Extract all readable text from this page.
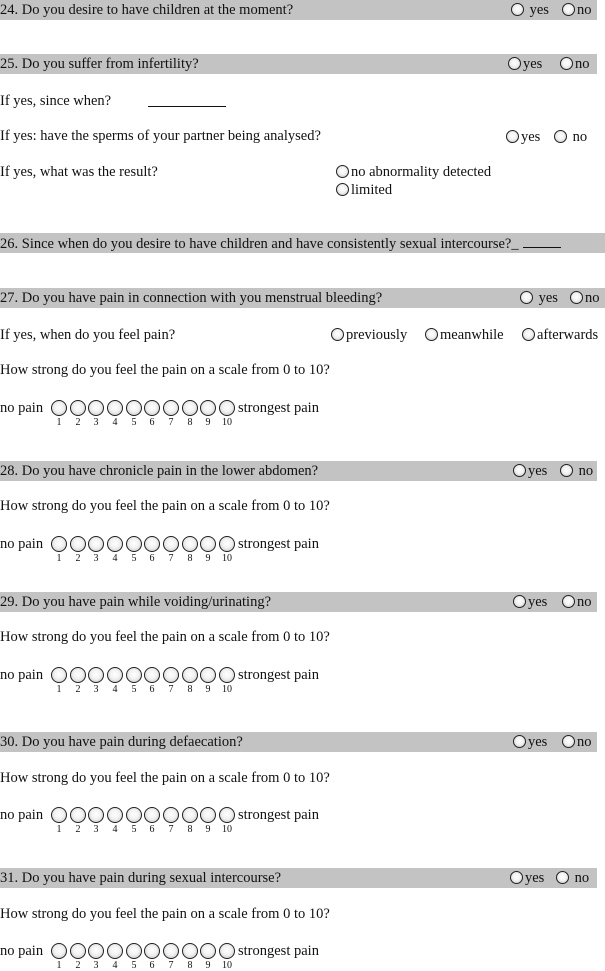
24. Do you desire to have children at the moment?	yes	no
25. Do you suffer from infertility?	yes	no
If yes, since when?
If yes: have the sperms of your partner being analysed?	yes	no
If yes, what was the result?	no abnormality detected
limited
26. Since when do you desire to have children and have consistently sexual intercourse?_
27. Do you have pain in connection with you menstrual bleeding?	yes	no
If yes, when do you feel pain?	previously	meanwhile	afterwards
How strong do you feel the pain on a scale from 0 to 10?
no pain
1	2	3	4	5	6	7	8	9	10
strongest pain
28. Do you have chronicle pain in the lower abdomen?	yes	no
How strong do you feel the pain on a scale from 0 to 10?
no pain
1	2	3	4	5	6	7	8	9	10
strongest pain
29. Do you have pain while voiding/urinating?	yes	no
How strong do you feel the pain on a scale from 0 to 10?
no pain
1	2	3	4	5	6	7	8	9	10
strongest pain
30. Do you have pain during defaecation?	yes	no
How strong do you feel the pain on a scale from 0 to 10?
no pain
1	2	3	4	5	6	7	8	9	10
strongest pain
31. Do you have pain during sexual intercourse?	yes	no
How strong do you feel the pain on a scale from 0 to 10?
no pain
1	2	3	4	5	6	7	8	9	10
strongest pain
